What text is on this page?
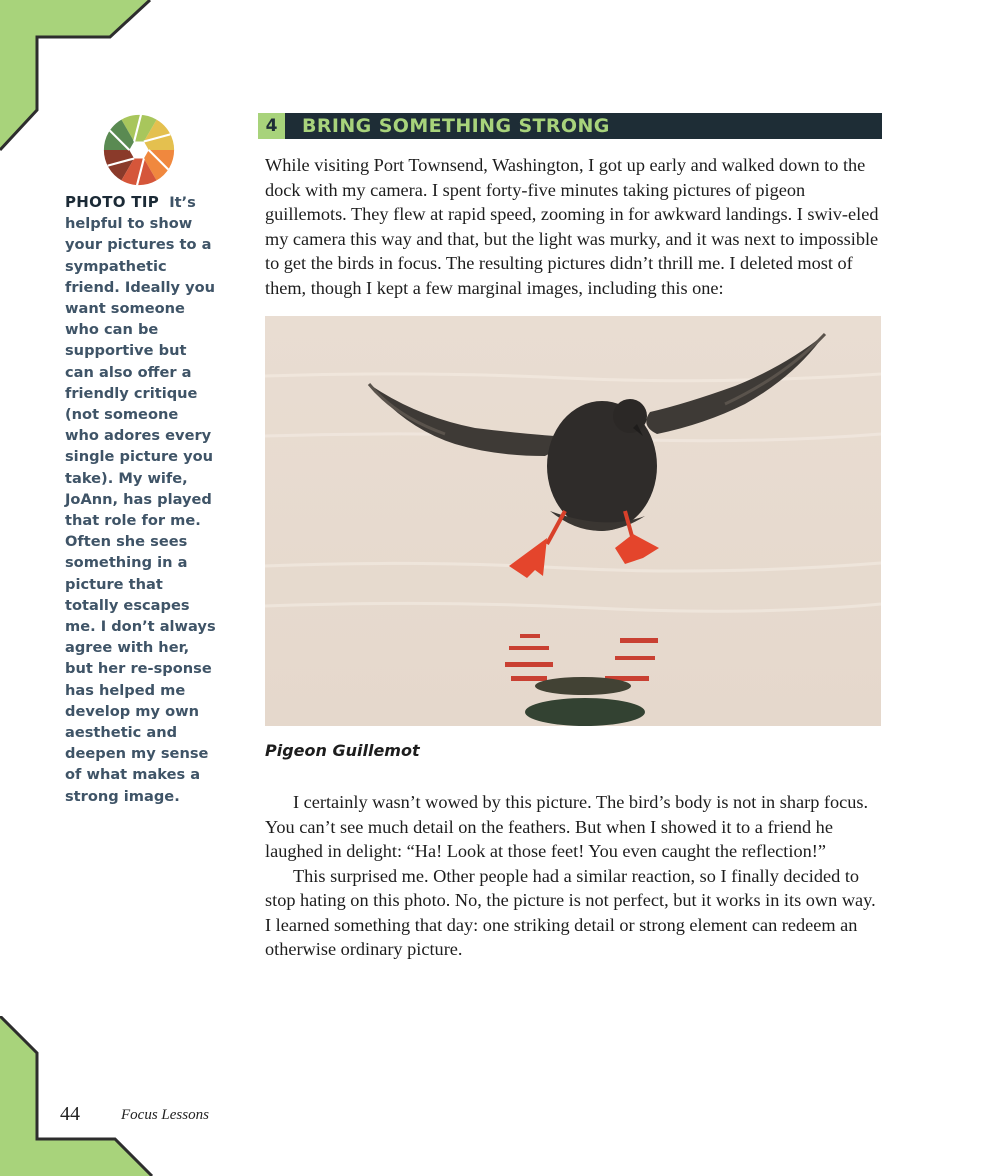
PHOTO TIP It’s helpful to show your pictures to a sympathetic friend. Ideally you want someone who can be supportive but can also offer a friendly critique (not someone who adores every single picture you take). My wife, JoAnn, has played that role for me. Often she sees something in a picture that totally escapes me. I don’t always agree with her, but her re-sponse has helped me develop my own aesthetic and deepen my sense of what makes a strong image.
4	BRING SOMETHING STRONG

While visiting Port Townsend, Washington, I got up early and walked down to the dock with my camera. I spent forty-five minutes taking pictures of pigeon guillemots. They flew at rapid speed, zooming in for awkward landings. I swiv-eled my camera this way and that, but the light was murky, and it was next to impossible to get the birds in focus. The resulting pictures didn’t thrill me. I deleted most of them, though I kept a few marginal images, including this one:

Pigeon Guillemot

I certainly wasn’t wowed by this picture. The bird’s body is not in sharp focus. You can’t see much detail on the feathers. But when I showed it to a friend he laughed in delight: “Ha! Look at those feet! You even caught the reflection!”

This surprised me. Other people had a similar reaction, so I finally decided to stop hating on this photo. No, the picture is not perfect, but it works in its own way. I learned something that day: one striking detail or strong element can redeem an otherwise ordinary picture.

44	Focus Lessons
